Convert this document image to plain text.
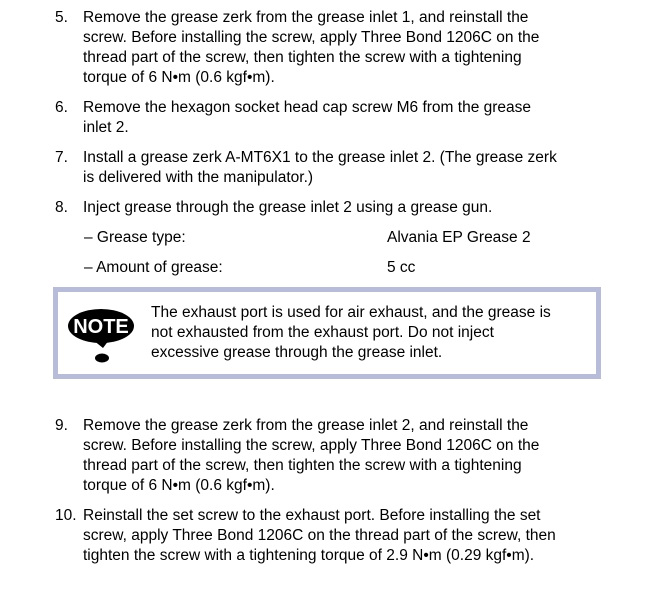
5. Remove the grease zerk from the grease inlet 1, and reinstall the
screw. Before installing the screw, apply Three Bond 1206C on the
thread part of the screw, then tighten the screw with a tightening
torque of 6 N•m (0.6 kgf•m).
6. Remove the hexagon socket head cap screw M6 from the grease
inlet 2.
7. Install a grease zerk A-MT6X1 to the grease inlet 2. (The grease zerk
is delivered with the manipulator.)
8. Inject grease through the grease inlet 2 using a grease gun.
– Grease type:	Alvania EP Grease 2
– Amount of grease:	5 cc
NOTE
The exhaust port is used for air exhaust, and the grease is
not exhausted from the exhaust port. Do not inject
excessive grease through the grease inlet.
9. Remove the grease zerk from the grease inlet 2, and reinstall the
screw. Before installing the screw, apply Three Bond 1206C on the
thread part of the screw, then tighten the screw with a tightening
torque of 6 N•m (0.6 kgf•m).
10. Reinstall the set screw to the exhaust port. Before installing the set
screw, apply Three Bond 1206C on the thread part of the screw, then
tighten the screw with a tightening torque of 2.9 N•m (0.29 kgf•m).
